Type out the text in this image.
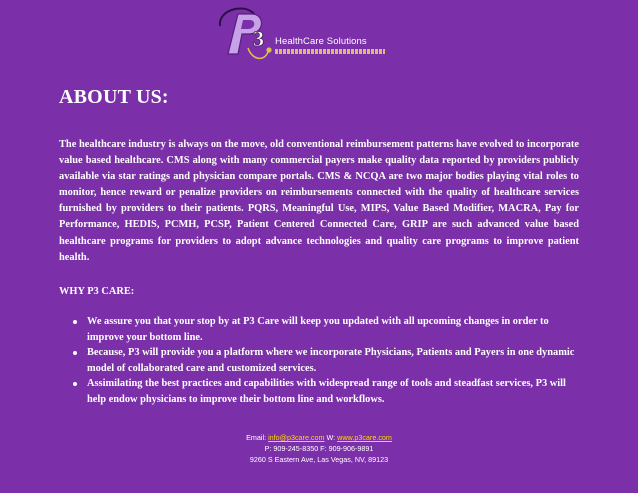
3 HealthCare Solutions
ABOUT US:

The healthcare industry is always on the move, old conventional reimbursement patterns have evolved to incorporate value based healthcare. CMS along with many commercial payers make quality data reported by providers publicly available via star ratings and physician compare portals. CMS & NCQA are two major bodies playing vital roles to monitor, hence reward or penalize providers on reimbursements connected with the quality of healthcare services furnished by providers to their patients. PQRS, Meaningful Use, MIPS, Value Based Modifier, MACRA, Pay for Performance, HEDIS, PCMH, PCSP, Patient Centered Connected Care, GRIP are such advanced value based healthcare programs for providers to adopt advance technologies and quality care programs to improve patient health.

WHY P3 CARE:
We assure you that your stop by at P3 Care will keep you updated with all upcoming changes in order to improve your bottom line.
Because, P3 will provide you a platform where we incorporate Physicians, Patients and Payers in one dynamic model of collaborated care and customized services.
Assimilating the best practices and capabilities with widespread range of tools and steadfast services, P3 will help endow physicians to improve their bottom line and workflows.
Email: info@p3care.com W: www.p3care.com
P: 909-245-8350 F: 909-906-9891
9260 S Eastern Ave, Las Vegas, NV, 89123
